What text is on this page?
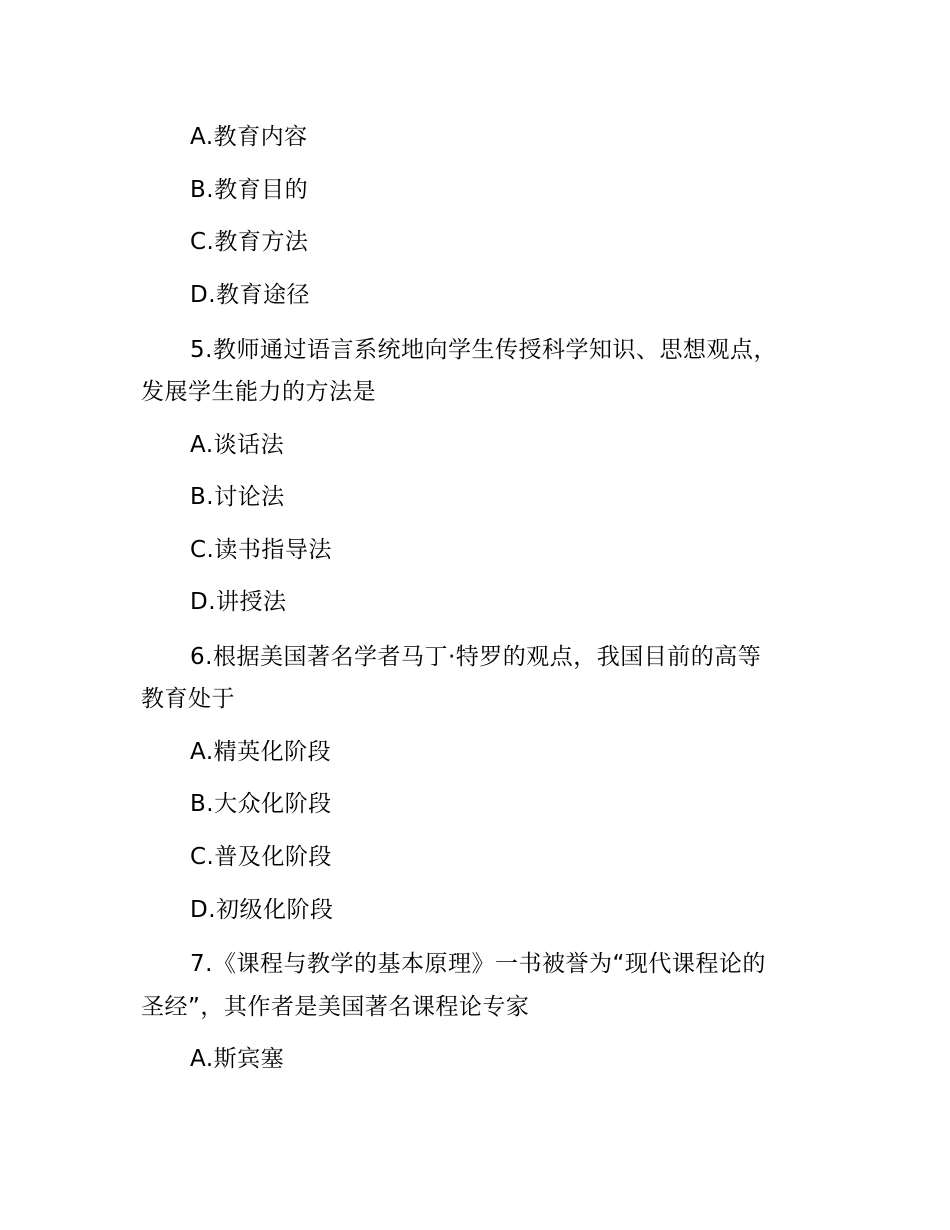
A.教育内容
B.教育目的
C.教育方法
D.教育途径
5.教师通过语言系统地向学生传授科学知识、思想观点，
发展学生能力的方法是
A.谈话法
B.讨论法
C.读书指导法
D.讲授法
6.根据美国著名学者马丁·特罗的观点，我国目前的高等
教育处于
A.精英化阶段
B.大众化阶段
C.普及化阶段
D.初级化阶段
7.《课程与教学的基本原理》一书被誉为“现代课程论的
圣经”，其作者是美国著名课程论专家
A.斯宾塞
